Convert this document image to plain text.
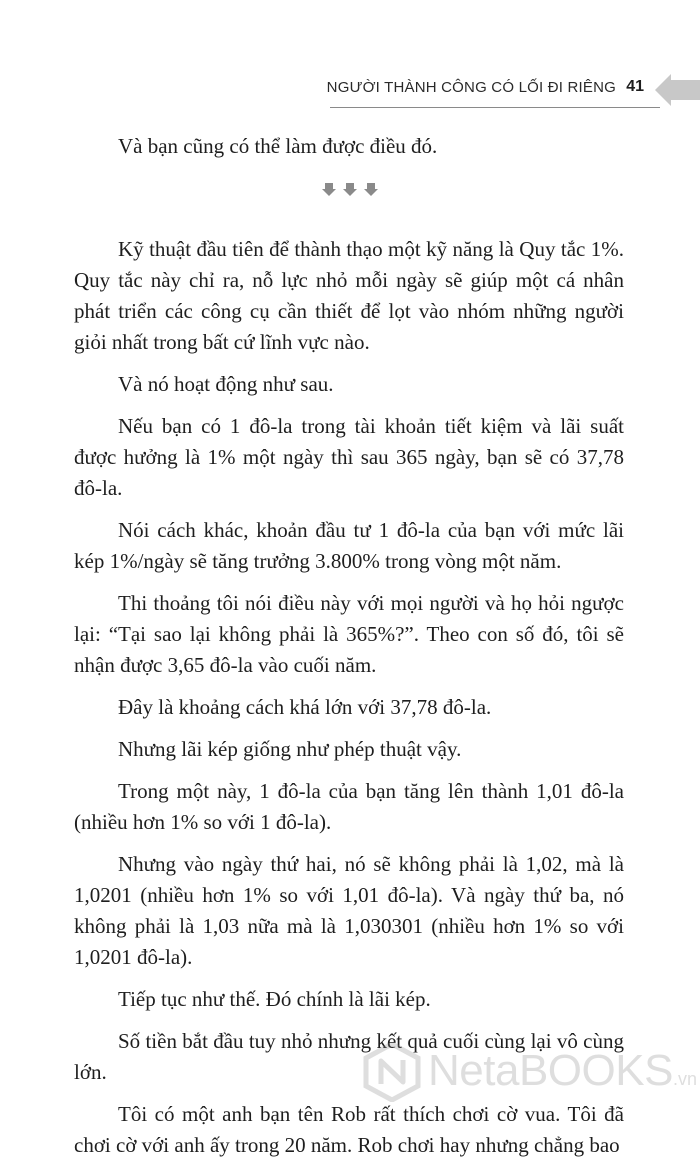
NGƯỜI THÀNH CÔNG CÓ LỐI ĐI RIÊNG 41

Và bạn cũng có thể làm được điều đó.

Kỹ thuật đầu tiên để thành thạo một kỹ năng là Quy tắc 1%. Quy tắc này chỉ ra, nỗ lực nhỏ mỗi ngày sẽ giúp một cá nhân phát triển các công cụ cần thiết để lọt vào nhóm những người giỏi nhất trong bất cứ lĩnh vực nào.

Và nó hoạt động như sau.

Nếu bạn có 1 đô-la trong tài khoản tiết kiệm và lãi suất được hưởng là 1% một ngày thì sau 365 ngày, bạn sẽ có 37,78 đô-la.

Nói cách khác, khoản đầu tư 1 đô-la của bạn với mức lãi kép 1%/ngày sẽ tăng trưởng 3.800% trong vòng một năm.

Thi thoảng tôi nói điều này với mọi người và họ hỏi ngược lại: “Tại sao lại không phải là 365%?”. Theo con số đó, tôi sẽ nhận được 3,65 đô-la vào cuối năm.

Đây là khoảng cách khá lớn với 37,78 đô-la.

Nhưng lãi kép giống như phép thuật vậy.

Trong một này, 1 đô-la của bạn tăng lên thành 1,01 đô-la (nhiều hơn 1% so với 1 đô-la).

Nhưng vào ngày thứ hai, nó sẽ không phải là 1,02, mà là 1,0201 (nhiều hơn 1% so với 1,01 đô-la). Và ngày thứ ba, nó không phải là 1,03 nữa mà là 1,030301 (nhiều hơn 1% so với 1,0201 đô-la).

Tiếp tục như thế. Đó chính là lãi kép.

Số tiền bắt đầu tuy nhỏ nhưng kết quả cuối cùng lại vô cùng lớn.

Tôi có một anh bạn tên Rob rất thích chơi cờ vua. Tôi đã chơi cờ với anh ấy trong 20 năm. Rob chơi hay nhưng chẳng bao

NetaBOOKS.vn
